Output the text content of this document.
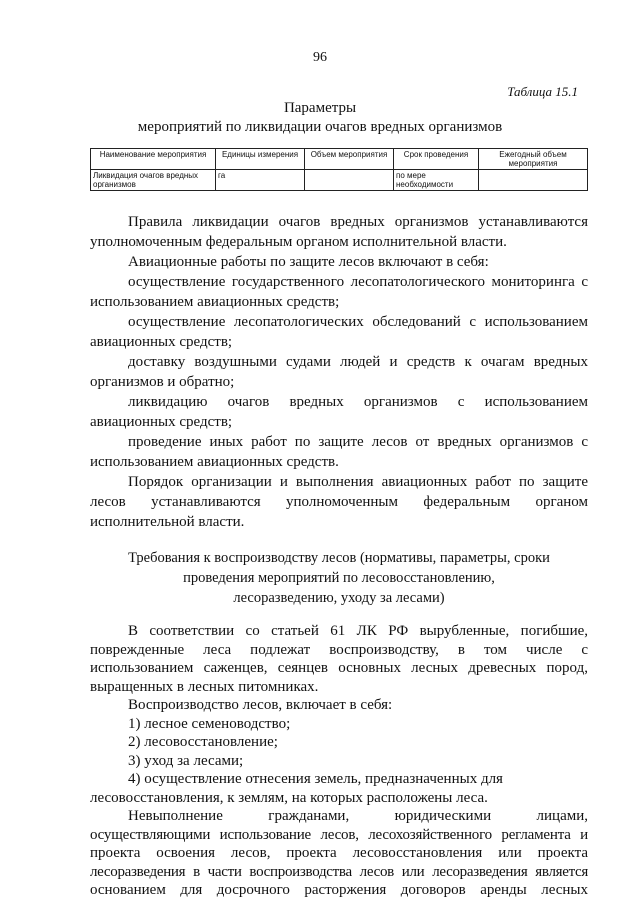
96
Таблица 15.1
Параметры
мероприятий по ликвидации очагов вредных организмов
Наименование мероприятия	Единицы измерения	Объем мероприятия	Срок проведения	Ежегодный объем мероприятия
Ликвидация очагов вредных организмов	га		по мере необходимости	
Правила ликвидации очагов вредных организмов устанавливаются
уполномоченным федеральным органом исполнительной власти.
Авиационные работы по защите лесов включают в себя:
осуществление государственного лесопатологического мониторинга с
использованием авиационных средств;
осуществление лесопатологических обследований с использованием
авиационных средств;
доставку воздушными судами людей и средств к очагам вредных
организмов и обратно;
ликвидацию очагов вредных организмов с использованием
авиационных средств;
проведение иных работ по защите лесов от вредных организмов с
использованием авиационных средств.
Порядок организации и выполнения авиационных работ по защите
лесов устанавливаются уполномоченным федеральным органом
исполнительной власти.
Требования к воспроизводству лесов (нормативы, параметры, сроки
проведения мероприятий по лесовосстановлению,
лесоразведению, уходу за лесами)
В соответствии со статьей 61 ЛК РФ вырубленные, погибшие,
поврежденные леса подлежат воспроизводству, в том числе с
использованием саженцев, сеянцев основных лесных древесных пород,
выращенных в лесных питомниках.
Воспроизводство лесов, включает в себя:
1) лесное семеноводство;
2) лесовосстановление;
3) уход за лесами;
4) осуществление отнесения земель, предназначенных для
лесовосстановления, к землям, на которых расположены леса.
Невыполнение гражданами, юридическими лицами,
осуществляющими использование лесов, лесохозяйственного регламента и
проекта освоения лесов, проекта лесовосстановления или проекта
лесоразведения в части воспроизводства лесов или лесоразведения является
основанием для досрочного расторжения договоров аренды лесных
